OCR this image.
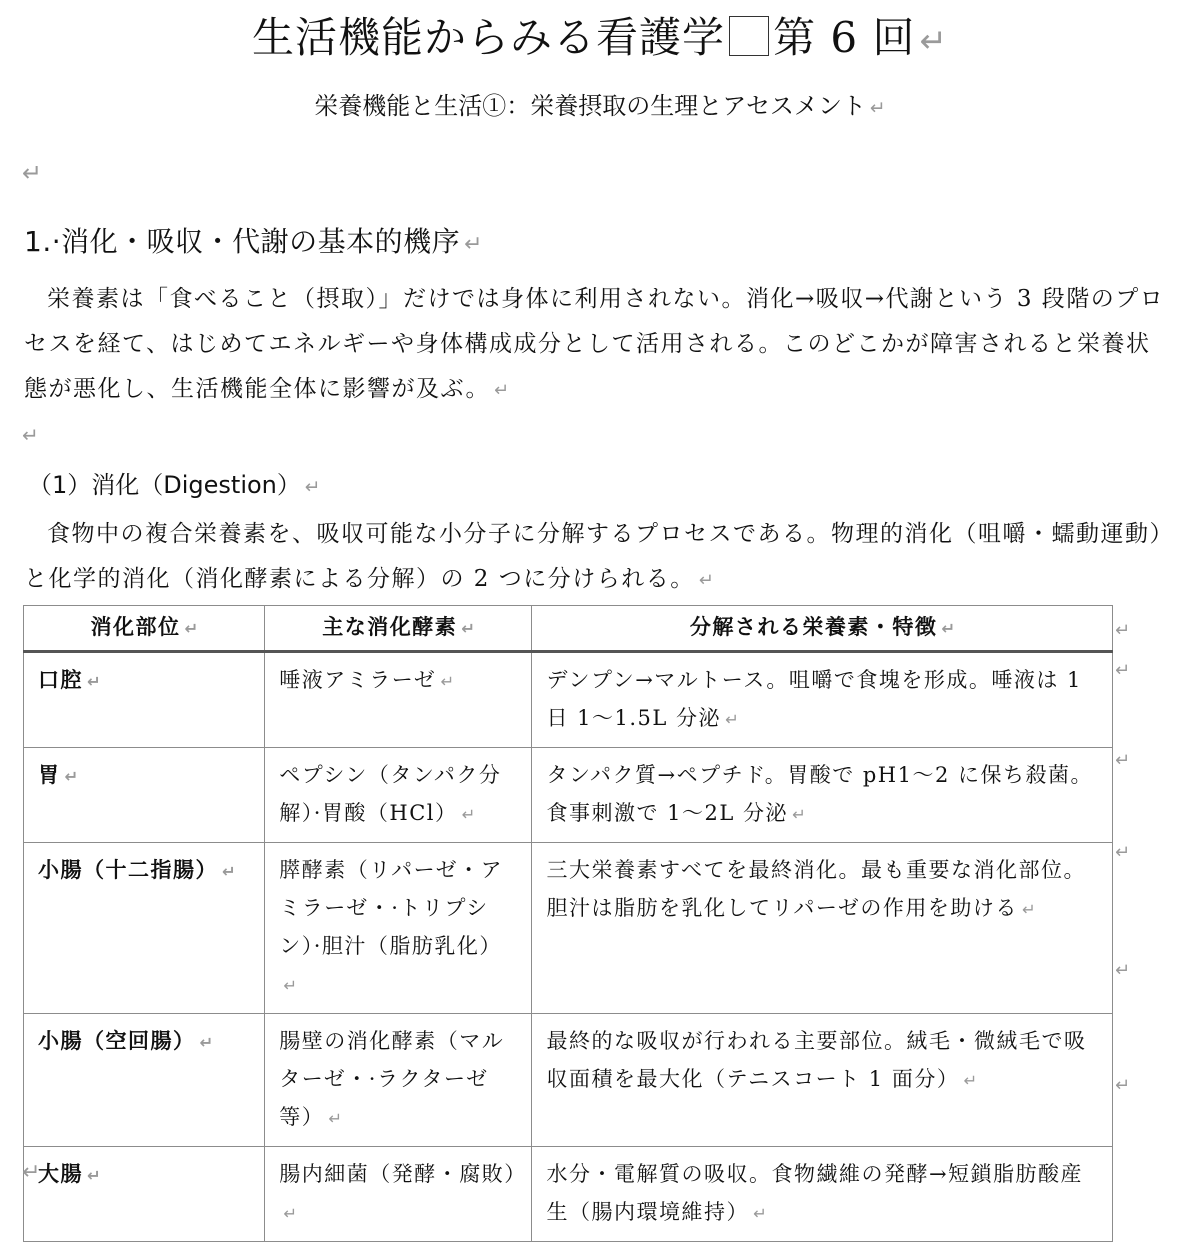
生活機能からみる看護学 第 6 回 ↵
栄養機能と生活①：栄養摂取の生理とアセスメント ↵
↵
1.·消化・吸収・代謝の基本的機序 ↵

栄養素は「食べること（摂取）」だけでは身体に利用されない。消化→吸収→代謝という 3 段階のプロセスを経て、はじめてエネルギーや身体構成成分として活用される。このどこかが障害されると栄養状態が悪化し、生活機能全体に影響が及ぶ。 ↵

↵
（1）消化（Digestion） ↵

食物中の複合栄養素を、吸収可能な小分子に分解するプロセスである。物理的消化（咀嚼・蠕動運動）と化学的消化（消化酵素による分解）の 2 つに分けられる。 ↵

消化部位 ↵	主な消化酵素 ↵	分解される栄養素・特徴 ↵
口腔 ↵	唾液アミラーゼ ↵	デンプン→マルトース。咀嚼で食塊を形成。唾液は 1 日 1〜1.5L 分泌 ↵
胃 ↵	ペプシン（タンパク分解）·胃酸（HCl） ↵	タンパク質→ペプチド。胃酸で pH1〜2 に保ち殺菌。食事刺激で 1〜2L 分泌 ↵
小腸（十二指腸） ↵	膵酵素（リパーゼ・アミラーゼ・·トリプシン）·胆汁（脂肪乳化）↵	三大栄養素すべてを最終消化。最も重要な消化部位。胆汁は脂肪を乳化してリパーゼの作用を助ける ↵
小腸（空回腸） ↵	腸壁の消化酵素（マルターゼ・·ラクターゼ等） ↵	最終的な吸収が行われる主要部位。絨毛・微絨毛で吸収面積を最大化（テニスコート 1 面分） ↵
大腸 ↵	腸内細菌（発酵・腐敗）↵	水分・電解質の吸収。食物繊維の発酵→短鎖脂肪酸産生（腸内環境維持） ↵
↵
↵
↵
↵
↵
↵
↵
